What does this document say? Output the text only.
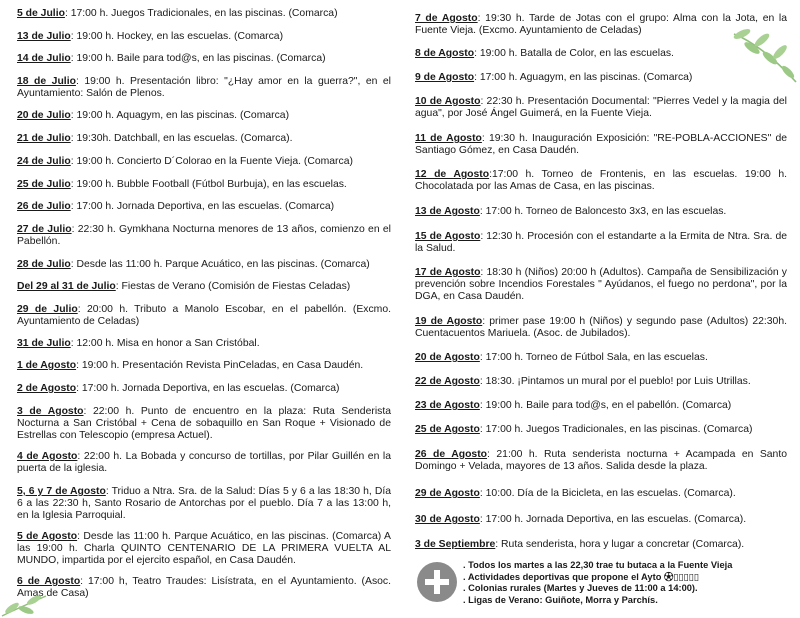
5 de Julio: 17:00 h. Juegos Tradicionales, en las piscinas. (Comarca)
13 de Julio: 19:00 h. Hockey, en las escuelas. (Comarca)
14 de Julio: 19:00 h. Baile para tod@s, en las piscinas. (Comarca)
18 de Julio: 19:00 h. Presentación libro: "¿Hay amor en la guerra?", en el Ayuntamiento: Salón de Plenos.
20 de Julio: 19:00 h. Aquagym, en las piscinas. (Comarca)
21 de Julio: 19:30h. Datchball, en las escuelas. (Comarca).
24 de Julio: 19:00 h. Concierto D´Colorao en la Fuente Vieja. (Comarca)
25 de Julio: 19:00 h. Bubble Football (Fútbol Burbuja), en las escuelas.
26 de Julio: 17:00 h. Jornada Deportiva, en las escuelas. (Comarca)
27 de Julio: 22:30 h. Gymkhana Nocturna menores de 13 años, comienzo en el Pabellón.
28 de Julio: Desde las 11:00 h. Parque Acuático, en las piscinas. (Comarca)
Del 29 al 31 de Julio: Fiestas de Verano (Comisión de Fiestas Celadas)
29 de Julio: 20:00 h. Tributo a Manolo Escobar, en el pabellón. (Excmo. Ayuntamiento de Celadas)
31 de Julio: 12:00 h. Misa en honor a San Cristóbal.
1 de Agosto: 19:00 h. Presentación Revista PinCeladas, en Casa Daudén.
2 de Agosto: 17:00 h. Jornada Deportiva, en las escuelas. (Comarca)
3 de Agosto: 22:00 h. Punto de encuentro en la plaza: Ruta Senderista Nocturna a San Cristóbal + Cena de sobaquillo en San Roque + Visionado de Estrellas con Telescopio (empresa Actuel).
4 de Agosto: 22:00 h. La Bobada y concurso de tortillas, por Pilar Guillén en la puerta de la iglesia.
5, 6 y 7 de Agosto: Triduo a Ntra. Sra. de la Salud: Días 5 y 6 a las 18:30 h, Día 6 a las 22:30 h, Santo Rosario de Antorchas por el pueblo. Día 7 a las 13:00 h, en la Iglesia Parroquial.
5 de Agosto: Desde las 11:00 h. Parque Acuático, en las piscinas. (Comarca) A las 19:00 h. Charla QUINTO CENTENARIO DE LA PRIMERA VUELTA AL MUNDO, impartida por el ejercito español, en Casa Daudén.
6 de Agosto: 17:00 h, Teatro Traudes: Lisístrata, en el Ayuntamiento. (Asoc. Amas de Casa)
7 de Agosto: 19:30 h. Tarde de Jotas con el grupo: Alma con la Jota, en la Fuente Vieja. (Excmo. Ayuntamiento de Celadas)
8 de Agosto: 19:00 h. Batalla de Color, en las escuelas.
9 de Agosto: 17:00 h. Aguagym, en las piscinas. (Comarca)
10 de Agosto: 22:30 h. Presentación Documental: "Pierres Vedel y la magia del agua", por José Ángel Guimerá, en la Fuente Vieja.
11 de Agosto: 19:30 h. Inauguración Exposición: "RE-POBLA-ACCIONES" de Santiago Gómez, en Casa Daudén.
12 de Agosto:17:00 h. Torneo de Frontenis, en las escuelas. 19:00 h. Chocolatada por las Amas de Casa, en las piscinas.
13 de Agosto: 17:00 h. Torneo de Baloncesto 3x3, en las escuelas.
15 de Agosto: 12:30 h. Procesión con el estandarte a la Ermita de Ntra. Sra. de la Salud.
17 de Agosto: 18:30 h (Niños) 20:00 h (Adultos). Campaña de Sensibilización y prevención sobre Incendios Forestales " Ayúdanos, el fuego no perdona", por la DGA, en Casa Daudén.
19 de Agosto: primer pase 19:00 h (Niños) y segundo pase (Adultos) 22:30h. Cuentacuentos Mariuela. (Asoc. de Jubilados).
20 de Agosto: 17:00 h. Torneo de Fútbol Sala, en las escuelas.
22 de Agosto: 18:30. ¡Pintamos un mural por el pueblo! por Luis Utrillas.
23 de Agosto: 19:00 h. Baile para tod@s, en el pabellón. (Comarca)
25 de Agosto: 17:00 h. Juegos Tradicionales, en las piscinas. (Comarca)
26 de Agosto: 21:00 h. Ruta senderista nocturna + Acampada en Santo Domingo + Velada, mayores de 13 años. Salida desde la plaza.
29 de Agosto: 10:00. Día de la Bicicleta, en las escuelas. (Comarca).
30 de Agosto: 17:00 h. Jornada Deportiva, en las escuelas. (Comarca).
3 de Septiembre: Ruta senderista, hora y lugar a concretar (Comarca).
. Todos los martes a las 22,30 trae tu butaca a la Fuente Vieja
. Actividades deportivas que propone el Ayto ⚽︎▯▯▯▯▯
. Colonias rurales (Martes y Jueves de 11:00 a 14:00).
. Ligas de Verano: Guiñote, Morra y Parchís.
